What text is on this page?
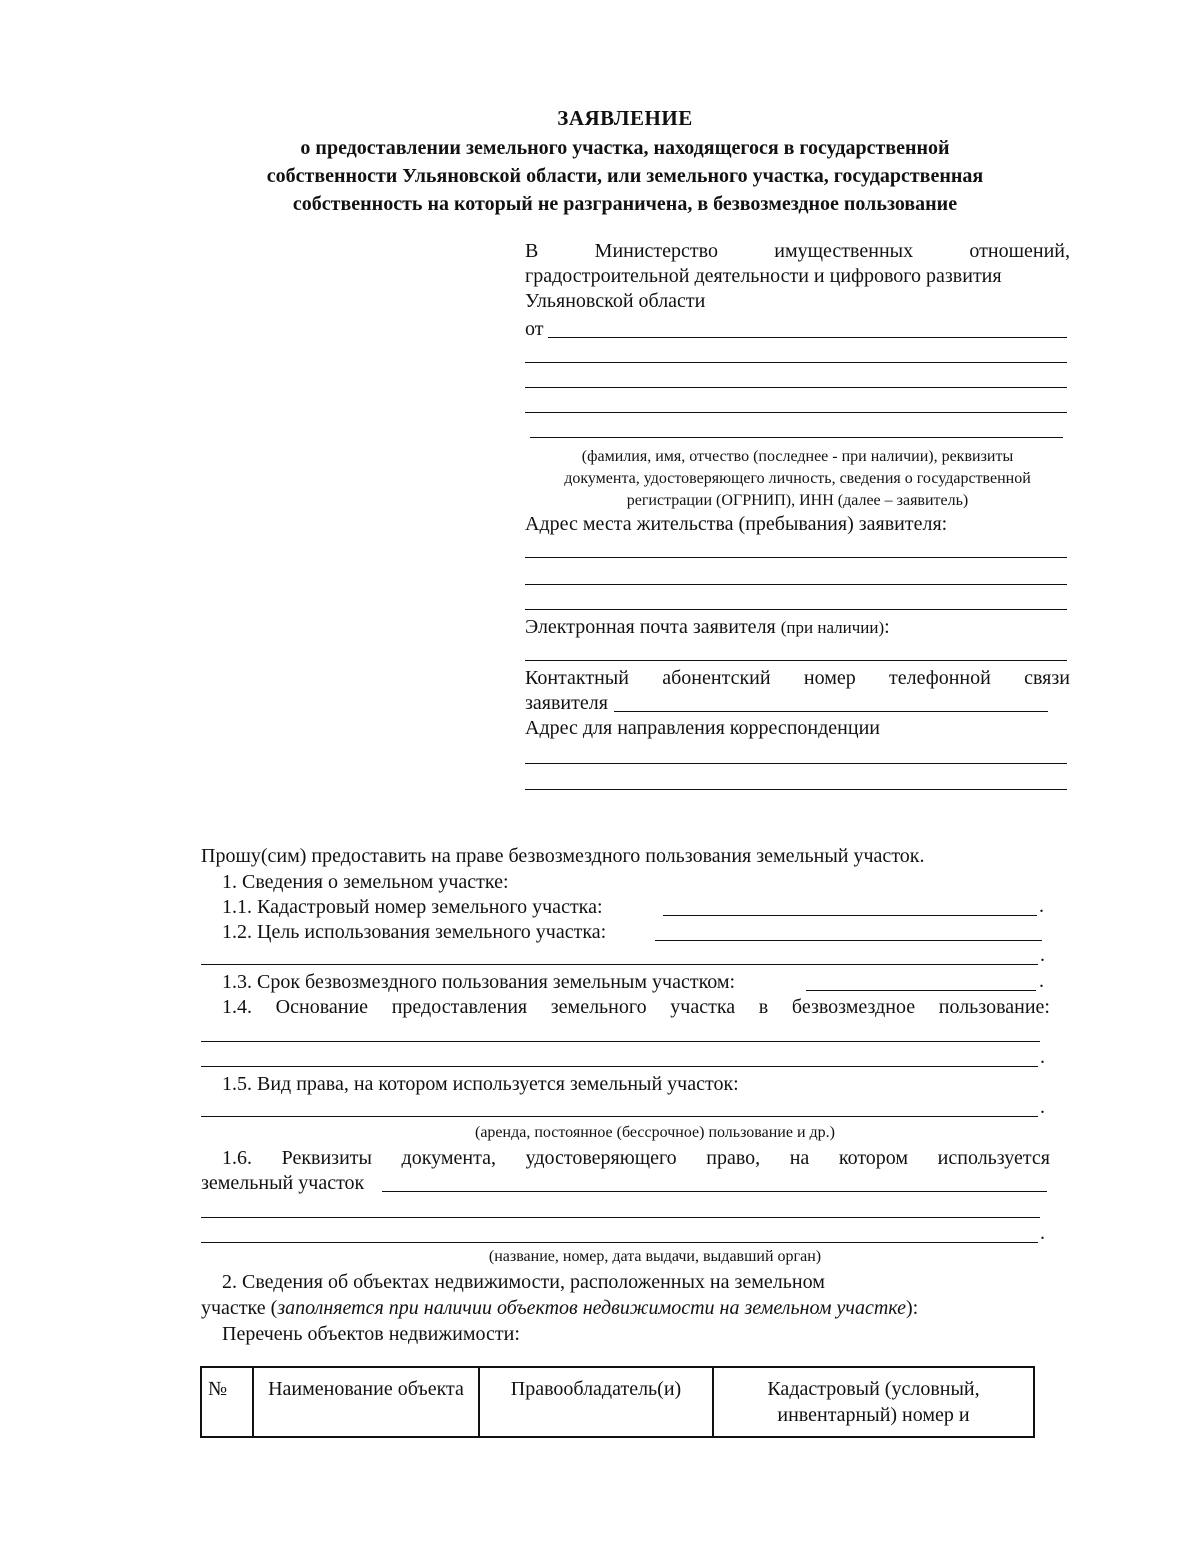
ЗАЯВЛЕНИЕ
о предоставлении земельного участка, находящегося в государственной
собственности Ульяновской области, или земельного участка, государственная
собственность на который не разграничена, в безвозмездное пользование
В	Министерство	имущественных	отношений,
градостроительной деятельности и цифрового развития
Ульяновской области
от
(фамилия, имя, отчество (последнее - при наличии), реквизиты
документа, удостоверяющего личность, сведения о государственной
регистрации (ОГРНИП), ИНН (далее – заявитель)
Адрес места жительства (пребывания) заявителя:
Электронная почта заявителя (при наличии):
Контактный абонентский номер телефонной связи
заявителя
Адрес для направления корреспонденции
Прошу(сим) предоставить на праве безвозмездного пользования земельный участок.
1. Сведения о земельном участке:
1.1. Кадастровый номер земельного участка:	.
1.2. Цель использования земельного участка:
.
1.3. Срок безвозмездного пользования земельным участком:	.
1.4. Основание предоставления земельного участка в безвозмездное пользование:
.
1.5. Вид права, на котором используется земельный участок:
.
(аренда, постоянное (бессрочное) пользование и др.)
1.6. Реквизиты документа, удостоверяющего право, на котором используется
земельный участок
.
(название, номер, дата выдачи, выдавший орган)
2. Сведения об объектах недвижимости, расположенных на земельном
участке (заполняется при наличии объектов недвижимости на земельном участке):
Перечень объектов недвижимости:
№	Наименование объекта	Правообладатель(и)	Кадастровый (условный, инвентарный) номер и
